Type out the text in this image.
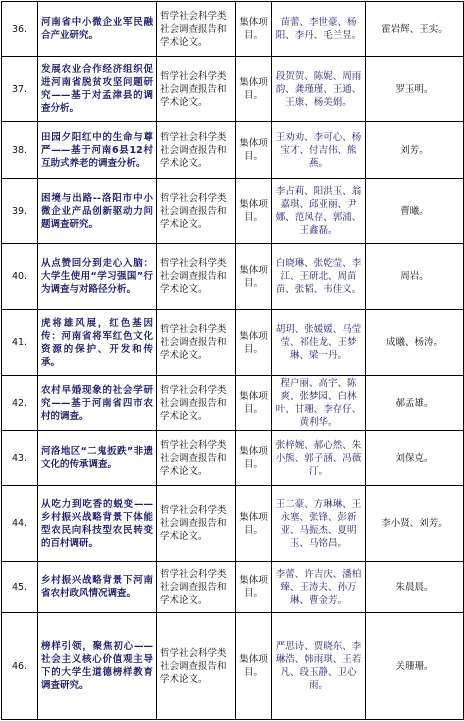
36.	河南省中小微企业军民融合产业研究。	哲学社会科学类社会调查报告和学术论文。	集体项目。	苗蕾、李世豪、杨阳、李丹、毛兰昱。	霍岩辉、王实。
37.	发展农业合作经济组织促进河南省脱贫攻坚问题研究——基于对孟津县的调查分析。	哲学社会科学类社会调查报告和学术论文。	集体项目。	段贺贺、陈妮、周雨韵、龚瑾瑾、王通、王康、杨美娟。	罗玉明。
38.	田园夕阳红中的生命与尊严——基于河南6县12村互助式养老的调查分析。	哲学社会科学类社会调查报告和学术论文。	集体项目。	王劝劝、李可心、杨宝才、付吉伟、熊燕。	刘芳。
39.	困境与出路--洛阳市中小微企业产品创新驱动力问题调查研究。	哲学社会科学类社会调查报告和学术论文。	集体项目。	李占莉、阳洪玉、翁嘉琪、邱亚丽、尹娜、范凤存、郭浦、王鑫磊。	曹曦。
40.	从点赞回分到走心入脑：大学生使用“学习强国”行为调查与对路径分析。	哲学社会科学类社会调查报告和学术论文。	集体项目。	白晓琳、张乾莹、李江、王研北、周苗苗、张韬、韦佳义。	周岩。
41.	虎将雄风展，红色基因传：河南省将军红色文化资源的保护、开发和传承。	哲学社会科学类社会调查报告和学术论文。	集体项目。	胡玥、张媛媛、马莹莹、祁佳龙、王梦琳、梁一丹。	成曦、杨涛。
42.	农村早婚现象的社会学研究——基于河南省四市农村的调查。	哲学社会科学类社会调查报告和学术论文。	集体项目。	程户丽、高宇、陈爽、张梦园、白林叶、甘珊、李存仔、黄利华。	郝孟雄。
43.	河洛地区“二鬼扳跌”非遗文化的传承调查。	哲学社会科学类社会调查报告和学术论文。	集体项目。	张梓婉、郝心然、朱小熊、郭子涵、冯薇汀。	刘保克。
44.	从吃力到吃香的蜕变——乡村振兴战略背景下体能型农民向科技型农民转变的百村调研。	哲学社会科学类社会调查报告和学术论文。	集体项目。	王二豪、方琳琳、王永塞、张锋、彭新亚、马振杰、夏明玉、马铭昌。	李小贤、刘芳。
45.	乡村振兴战略背景下河南省农村政风情况调查。	哲学社会科学类社会调查报告和学术论文。	集体项目。	李蕾、许吉庆、潘柏臻、王涛夫、孙万琳、曹金芳。	朱晨晨。
46.	榜样引领，聚焦初心——社会主义核心价值观主导下的大学生道德榜样教育调查研究。	哲学社会科学类社会调查报告和学术论文。	集体项目。	严思诗、贾晓东、李琳浩、韩雨琪、王若凡、段玉静、卫心雨。	关珊珊。
